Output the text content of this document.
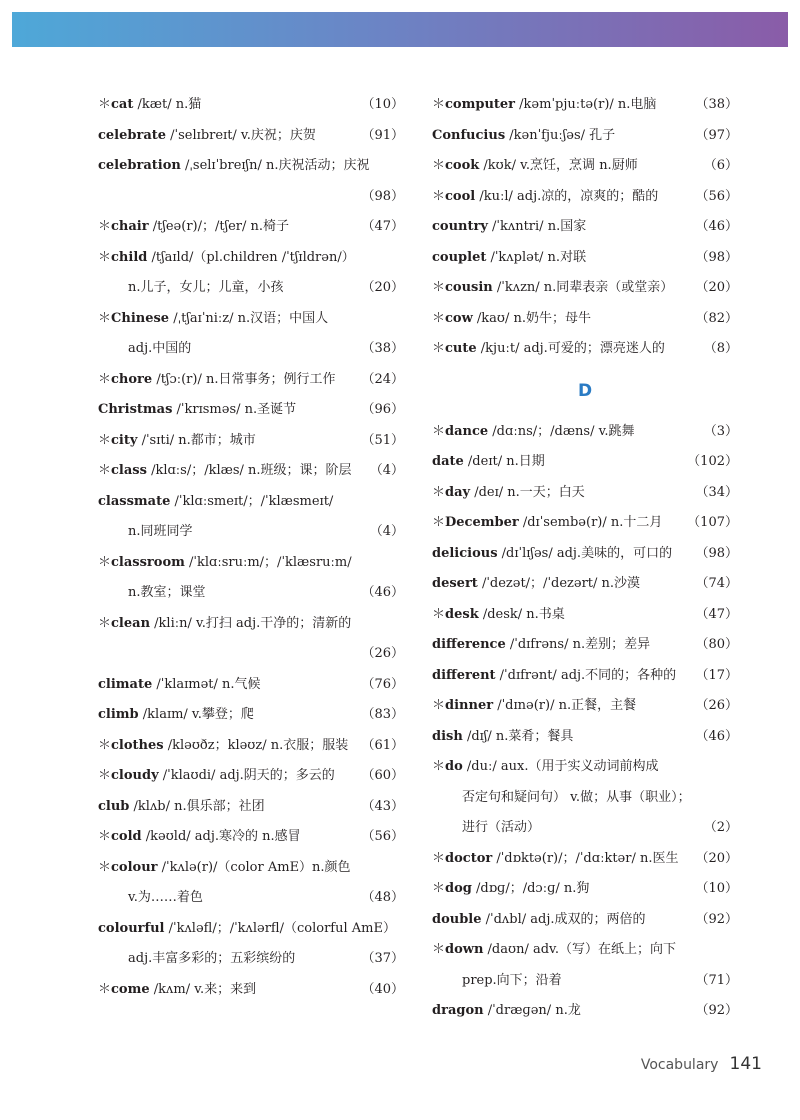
＊cat /kæt/ n.猫	（10）
celebrate /ˈselɪbreɪt/ v.庆祝；庆贺	（91）
celebration /ˌselɪˈbreɪʃn/ n.庆祝活动；庆祝
（98）
＊chair /tʃeə(r)/；/tʃer/ n.椅子	（47）
＊child /tʃaɪld/（pl.children /ˈtʃɪldrən/）
n.儿子，女儿；儿童，小孩	（20）
＊Chinese /ˌtʃaɪˈniːz/ n.汉语；中国人
adj.中国的	（38）
＊chore /tʃɔː(r)/ n.日常事务；例行工作 （24）
Christmas /ˈkrɪsməs/ n.圣诞节	（96）
＊city /ˈsɪti/ n.都市；城市	（51）
＊class /klɑːs/；/klæs/ n.班级；课；阶层 （4）
classmate /ˈklɑːsmeɪt/；/ˈklæsmeɪt/
n.同班同学	（4）
＊classroom /ˈklɑːsruːm/；/ˈklæsruːm/
n.教室；课堂	（46）
＊clean /kliːn/ v.打扫 adj.干净的；清新的
（26）
climate /ˈklaɪmət/ n.气候	（76）
climb /klaɪm/ v.攀登；爬	（83）
＊clothes /kləʊðz；kləʊz/ n.衣服；服装 （61）
＊cloudy /ˈklaʊdi/ adj.阴天的；多云的 （60）
club /klʌb/ n.俱乐部；社团	（43）
＊cold /kəʊld/ adj.寒冷的 n.感冒	（56）
＊colour /ˈkʌlə(r)/（color AmE）n.颜色
v.为……着色	（48）
colourful /ˈkʌləfl/；/ˈkʌlərfl/（colorful AmE）
adj.丰富多彩的；五彩缤纷的	（37）
＊come /kʌm/ v.来；来到	（40）
＊computer /kəmˈpjuːtə(r)/ n.电脑	（38）
Confucius /kənˈfjuːʃəs/ 孔子	（97）
＊cook /kʊk/ v.烹饪，烹调 n.厨师	（6）
＊cool /kuːl/ adj.凉的，凉爽的；酷的	（56）
country /ˈkʌntri/ n.国家	（46）
couplet /ˈkʌplət/ n.对联	（98）
＊cousin /ˈkʌzn/ n.同辈表亲（或堂亲） （20）
＊cow /kaʊ/ n.奶牛；母牛	（82）
＊cute /kjuːt/ adj.可爱的；漂亮迷人的	（8）
D
＊dance /dɑːns/；/dæns/ v.跳舞	（3）
date /deɪt/ n.日期	（102）
＊day /deɪ/ n.一天；白天	（34）
＊December /dɪˈsembə(r)/ n.十二月 （107）
delicious /dɪˈlɪʃəs/ adj.美味的，可口的 （98）
desert /ˈdezət/；/ˈdezərt/ n.沙漠	（74）
＊desk /desk/ n.书桌	（47）
difference /ˈdɪfrəns/ n.差别；差异	（80）
different /ˈdɪfrənt/ adj.不同的；各种的 （17）
＊dinner /ˈdɪnə(r)/ n.正餐，主餐	（26）
dish /dɪʃ/ n.菜肴；餐具	（46）
＊do /duː/ aux.（用于实义动词前构成
否定句和疑问句） v.做；从事（职业）；
进行（活动）	（2）
＊doctor /ˈdɒktə(r)/；/ˈdɑːktər/ n.医生 （20）
＊dog /dɒɡ/；/dɔːɡ/ n.狗	（10）
double /ˈdʌbl/ adj.成双的；两倍的	（92）
＊down /daʊn/ adv.（写）在纸上；向下
prep.向下；沿着	（71）
dragon /ˈdræɡən/ n.龙	（92）
Vocabulary 141
